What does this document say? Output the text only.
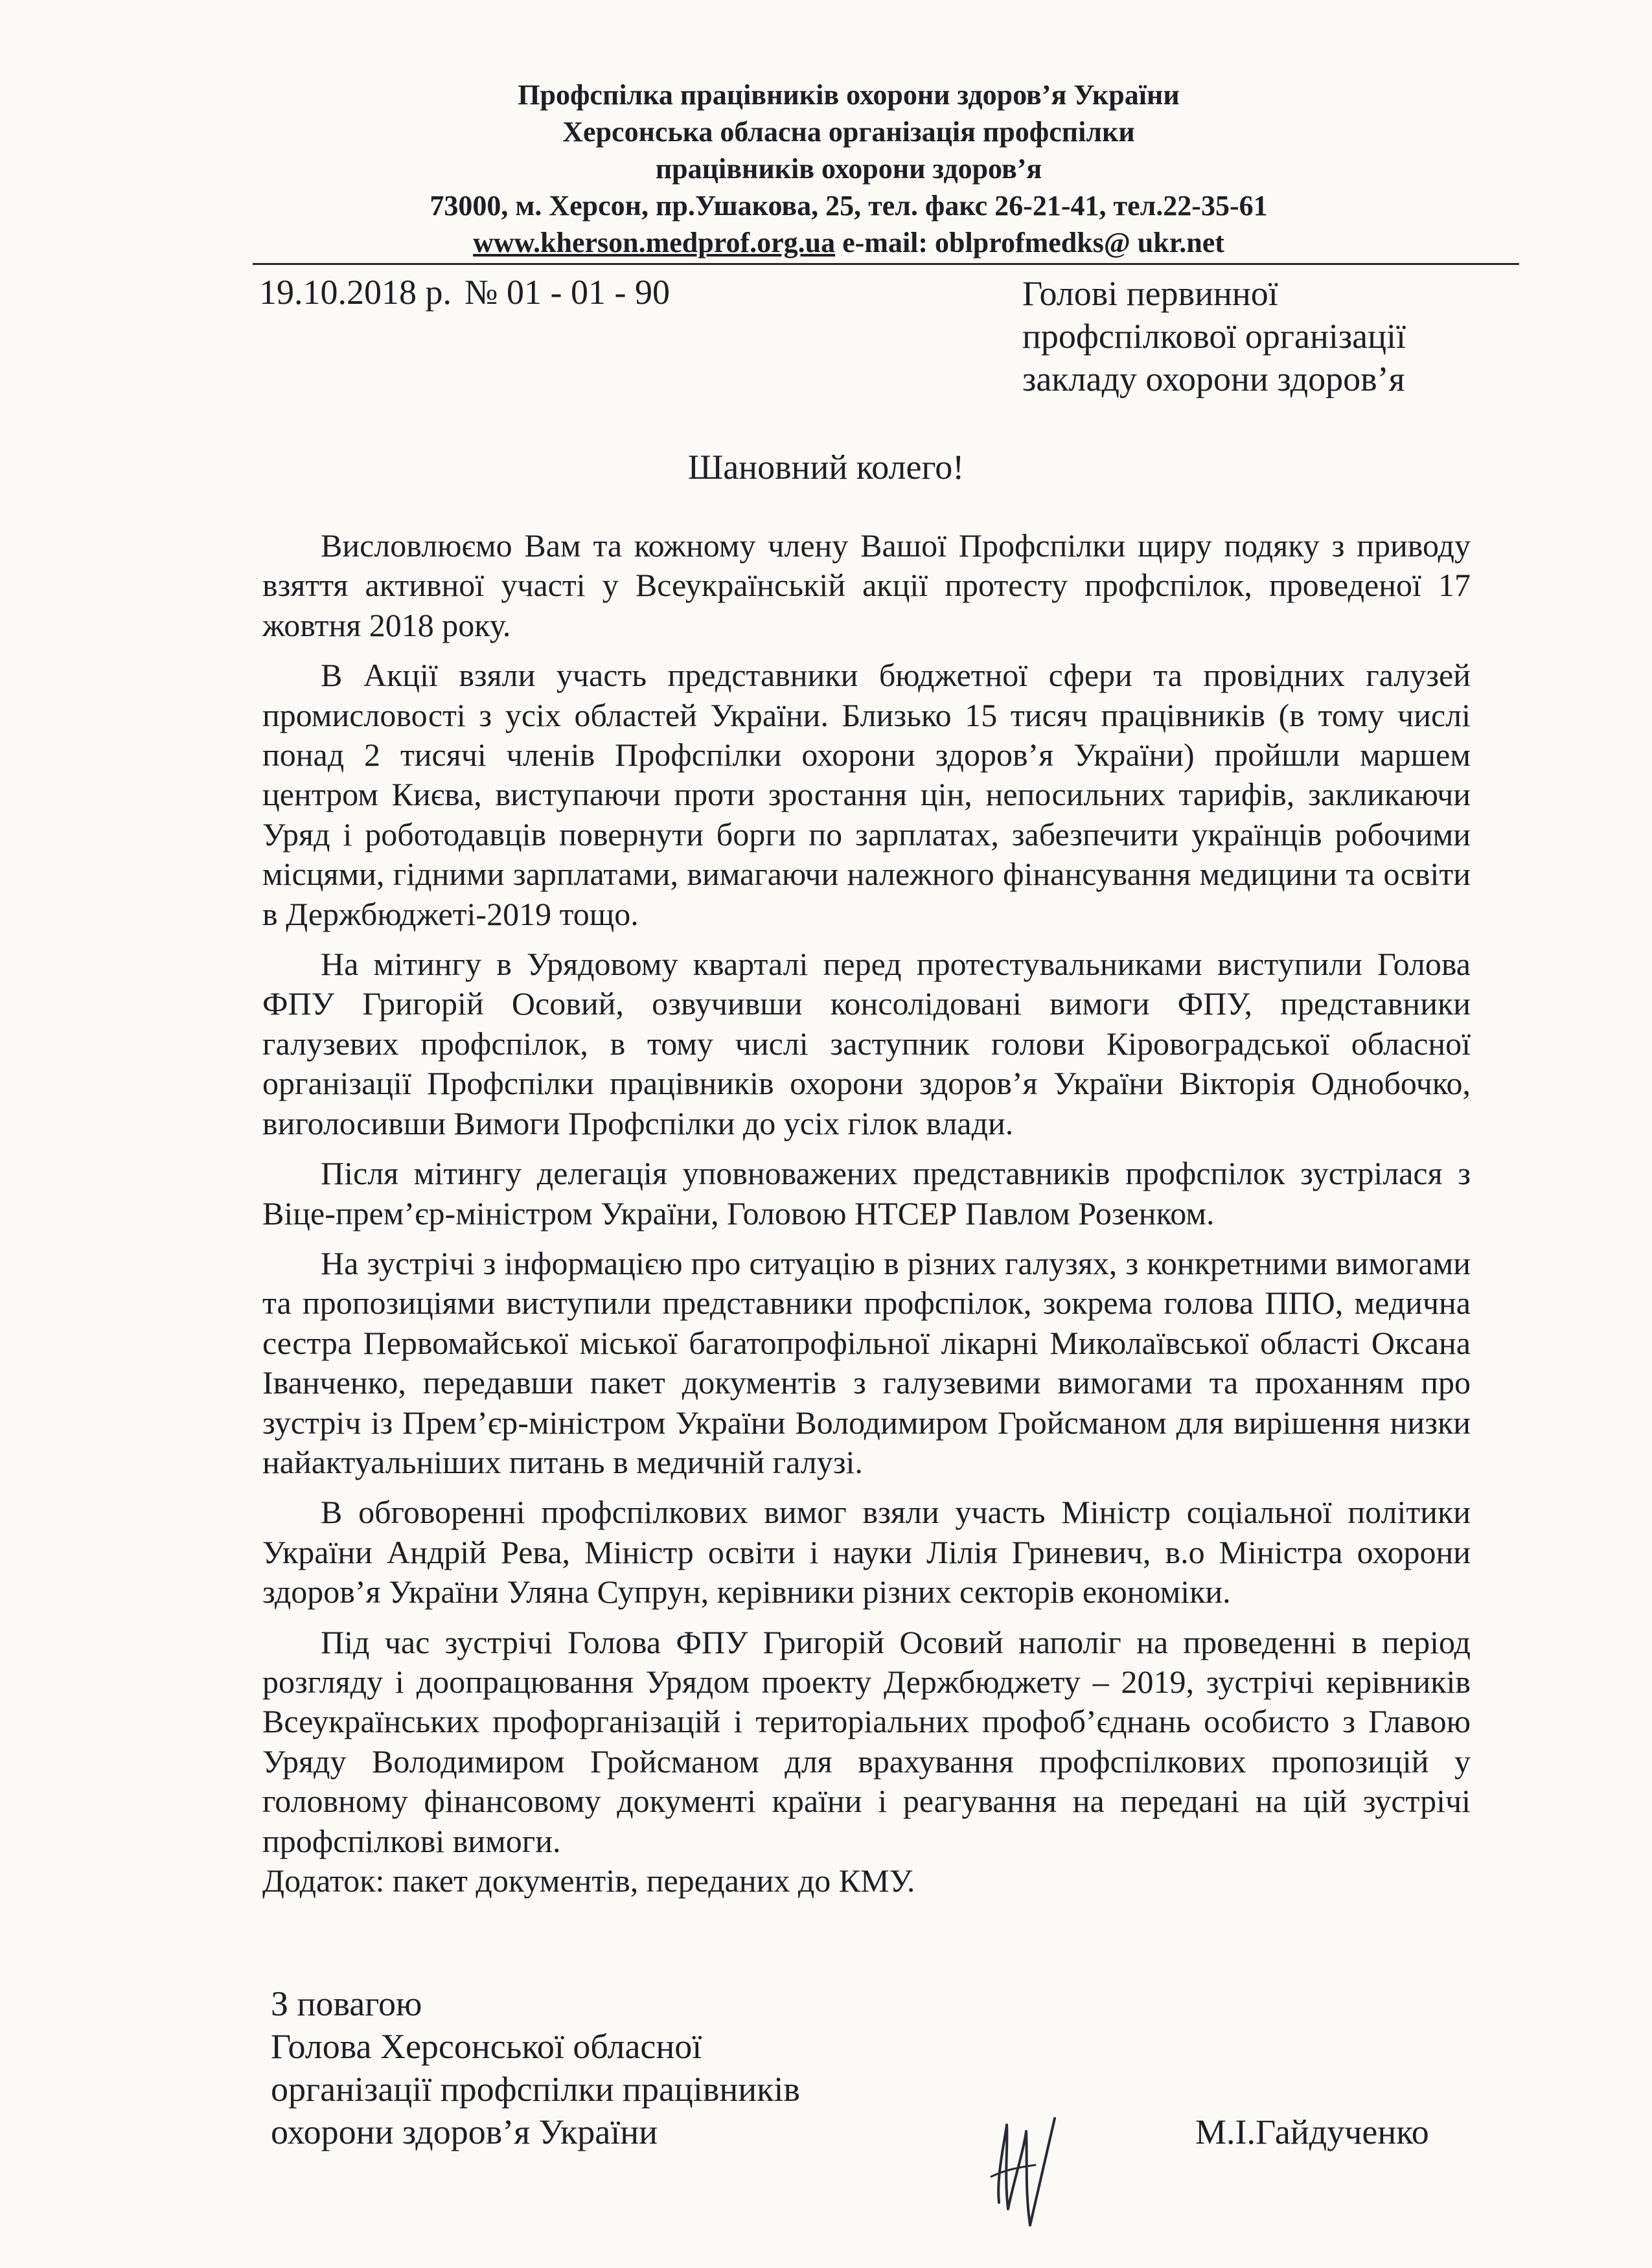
Профспілка працівників охорони здоров’я України
Херсонська обласна організація профспілки
працівників охорони здоров’я
73000, м. Херсон, пр.Ушакова, 25, тел. факс 26-21-41, тел.22-35-61
www.kherson.medprof.org.ua e-mail: oblprofmedks@ ukr.net
19.10.2018 р. № 01 - 01 - 90	Голові первинної
профспілкової організації
закладу охорони здоров’я
Шановний колего!

Висловлюємо Вам та кожному члену Вашої Профспілки щиру подяку з приводу взяття активної участі у Всеукраїнській акції протесту профспілок, проведеної 17 жовтня 2018 року.

В Акції взяли участь представники бюджетної сфери та провідних галузей промисловості з усіх областей України. Близько 15 тисяч працівників (в тому числі понад 2 тисячі членів Профспілки охорони здоров’я України) пройшли маршем центром Києва, виступаючи проти зростання цін, непосильних тарифів, закликаючи Уряд і роботодавців повернути борги по зарплатах, забезпечити українців робочими місцями, гідними зарплатами, вимагаючи належного фінансування медицини та освіти в Держбюджеті-2019 тощо.

На мітингу в Урядовому кварталі перед протестувальниками виступили Голова ФПУ Григорій Осовий, озвучивши консолідовані вимоги ФПУ, представники галузевих профспілок, в тому числі заступник голови Кіровоградської обласної організації Профспілки працівників охорони здоров’я України Вікторія Однобочко, виголосивши Вимоги Профспілки до усіх гілок влади.

Після мітингу делегація уповноважених представників профспілок зустрілася з Віце-прем’єр-міністром України, Головою НТСЕР Павлом Розенком.

На зустрічі з інформацією про ситуацію в різних галузях, з конкретними вимогами та пропозиціями виступили представники профспілок, зокрема голова ППО, медична сестра Первомайської міської багатопрофільної лікарні Миколаївської області Оксана Іванченко, передавши пакет документів з галузевими вимогами та проханням про зустріч із Прем’єр-міністром України Володимиром Гройсманом для вирішення низки найактуальніших питань в медичній галузі.

В обговоренні профспілкових вимог взяли участь Міністр соціальної політики України Андрій Рева, Міністр освіти і науки Лілія Гриневич, в.о Міністра охорони здоров’я України Уляна Супрун, керівники різних секторів економіки.

Під час зустрічі Голова ФПУ Григорій Осовий наполіг на проведенні в період розгляду і доопрацювання Урядом проекту Держбюджету – 2019, зустрічі керівників Всеукраїнських профорганізацій і територіальних профоб’єднань особисто з Главою Уряду Володимиром Гройсманом для врахування профспілкових пропозицій у головному фінансовому документі країни і реагування на передані на цій зустрічі профспілкові вимоги.

Додаток: пакет документів, переданих до КМУ.

З повагою
Голова Херсонської обласної
організації профспілки працівників
охорони здоров’я України	М.І.Гайдученко
